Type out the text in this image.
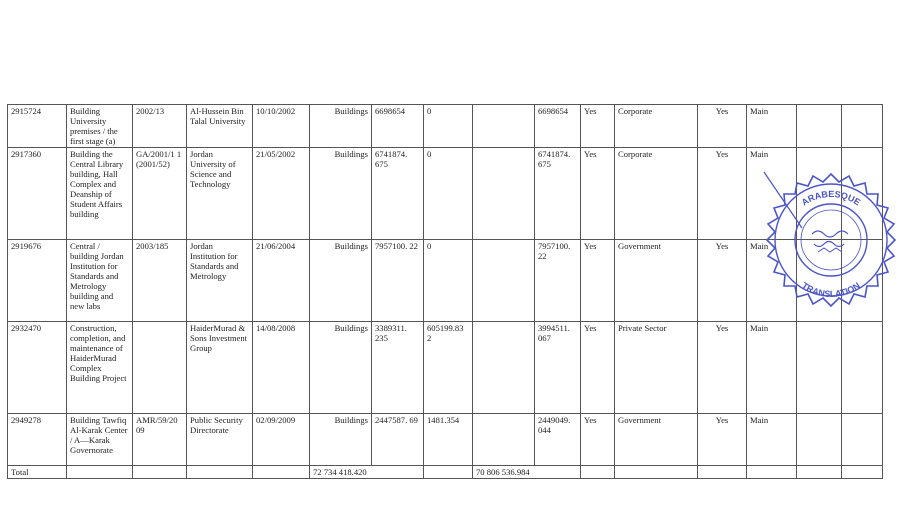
2915724	Building University premises / the first stage (a)	2002/13	Al-Hussein Bin Talal University	10/10/2002	Buildings	6698654	0		6698654	Yes	Corporate	Yes	Main		
2917360	Building the Central Library building, Hall Complex and Deanship of Student Affairs building	GA/2001/1 1 (2001/52)	Jordan University of Science and Technology	21/05/2002	Buildings	6741874. 675	0		6741874. 675	Yes	Corporate	Yes	Main		
2919676	Central / building Jordan Institution for Standards and Metrology building and new labs	2003/185	Jordan Institution for Standards and Metrology	21/06/2004	Buildings	7957100. 22	0		7957100. 22	Yes	Government	Yes	Main		
2932470	Construction, completion, and maintenance of HaiderMurad Complex Building Project		HaiderMurad & Sons Investment Group	14/08/2008	Buildings	3389311. 235	605199.83 2		3994511. 067	Yes	Private Sector	Yes	Main		
2949278	Building Tawfiq Al-Karak Center / A—Karak Governorate	AMR/59/20 09	Public Security Directorate	02/09/2009	Buildings	2447587. 69	1481.354		2449049. 044	Yes	Government	Yes	Main		
Total					72 734 418.420			70 806 536.984							
ARABESQUE
TRANSLATION
